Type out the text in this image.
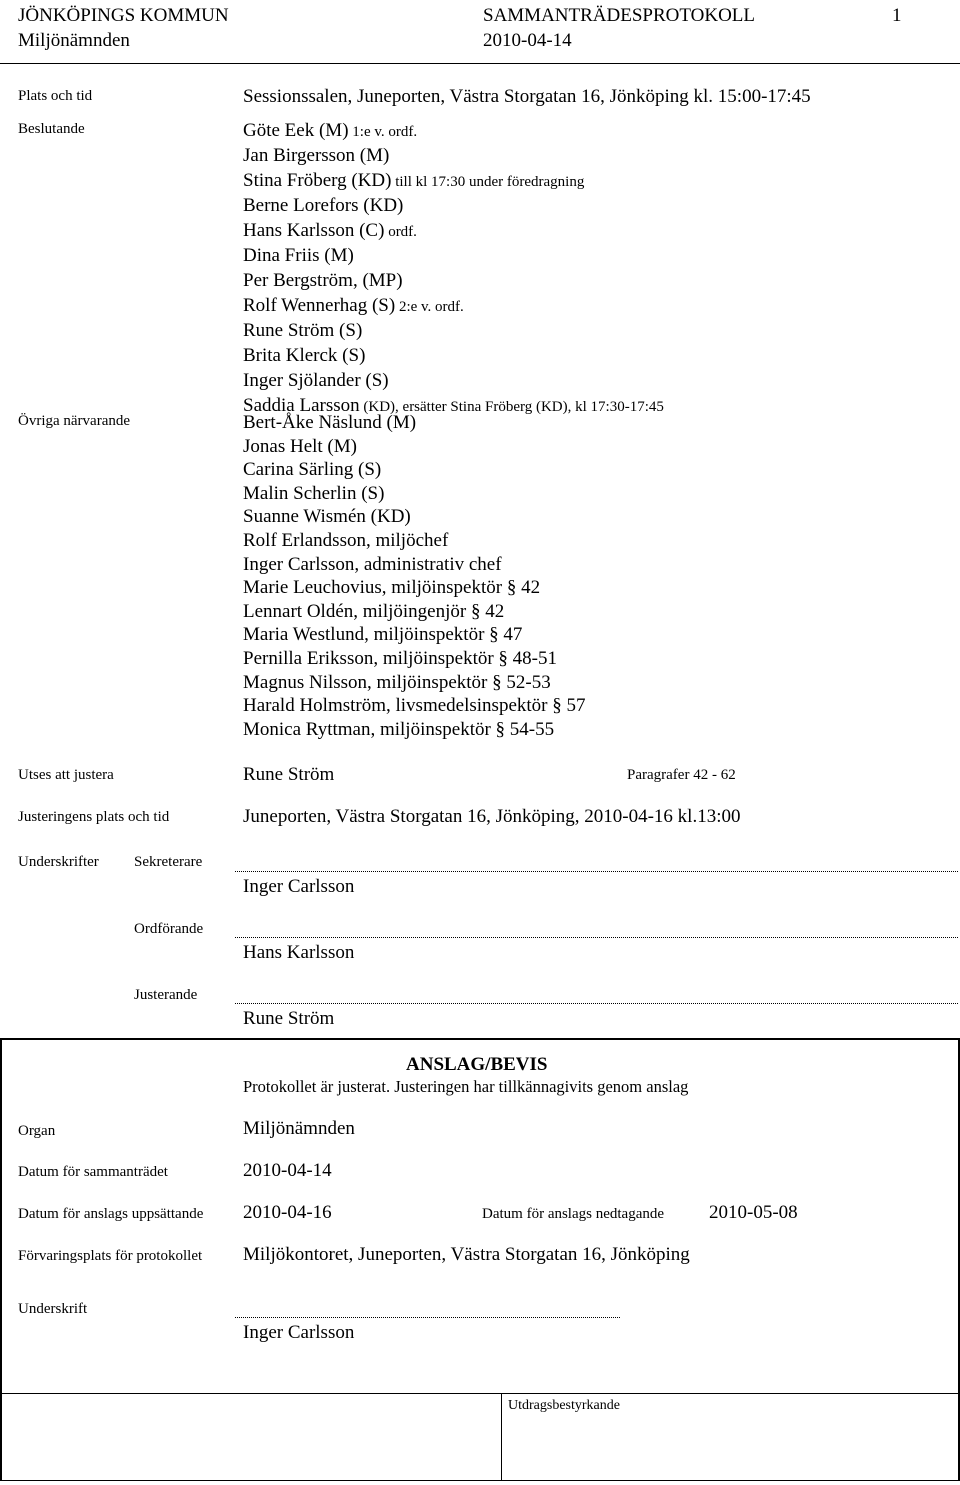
JÖNKÖPINGS KOMMUN	SAMMANTRÄDESPROTOKOLL	1
Miljönämnden	2010-04-14
Plats och tid	Sessionssalen, Juneporten, Västra Storgatan 16, Jönköping kl. 15:00-17:45
Beslutande	Göte Eek (M) 1:e v. ordf.
Jan Birgersson (M)
Stina Fröberg (KD) till kl 17:30 under föredragning
Berne Lorefors (KD)
Hans Karlsson (C) ordf.
Dina Friis (M)
Per Bergström, (MP)
Rolf Wennerhag (S) 2:e v. ordf.
Rune Ström (S)
Brita Klerck (S)
Inger Sjölander (S)
Saddia Larsson (KD), ersätter Stina Fröberg (KD), kl 17:30-17:45
Övriga närvarande	Bert-Åke Näslund (M)
Jonas Helt (M)
Carina Särling (S)
Malin Scherlin (S)
Suanne Wismén (KD)
Rolf Erlandsson, miljöchef
Inger Carlsson, administrativ chef
Marie Leuchovius, miljöinspektör § 42
Lennart Oldén, miljöingenjör § 42
Maria Westlund, miljöinspektör § 47
Pernilla Eriksson, miljöinspektör § 48-51
Magnus Nilsson, miljöinspektör § 52-53
Harald Holmström, livsmedelsinspektör § 57
Monica Ryttman, miljöinspektör § 54-55
Utses att justera	Rune Ström	Paragrafer 42 - 62
Justeringens plats och tid	Juneporten, Västra Storgatan 16, Jönköping, 2010-04-16 kl.13:00
Underskrifter Sekreterare
Inger Carlsson
Ordförande
Hans Karlsson
Justerande
Rune Ström
ANSLAG/BEVIS
Protokollet är justerat. Justeringen har tillkännagivits genom anslag
Organ	Miljönämnden
Datum för sammanträdet	2010-04-14
Datum för anslags uppsättande 2010-04-16	Datum för anslags nedtagande 2010-05-08
Förvaringsplats för protokollet Miljökontoret, Juneporten, Västra Storgatan 16, Jönköping
Underskrift
Inger Carlsson
Utdragsbestyrkande
